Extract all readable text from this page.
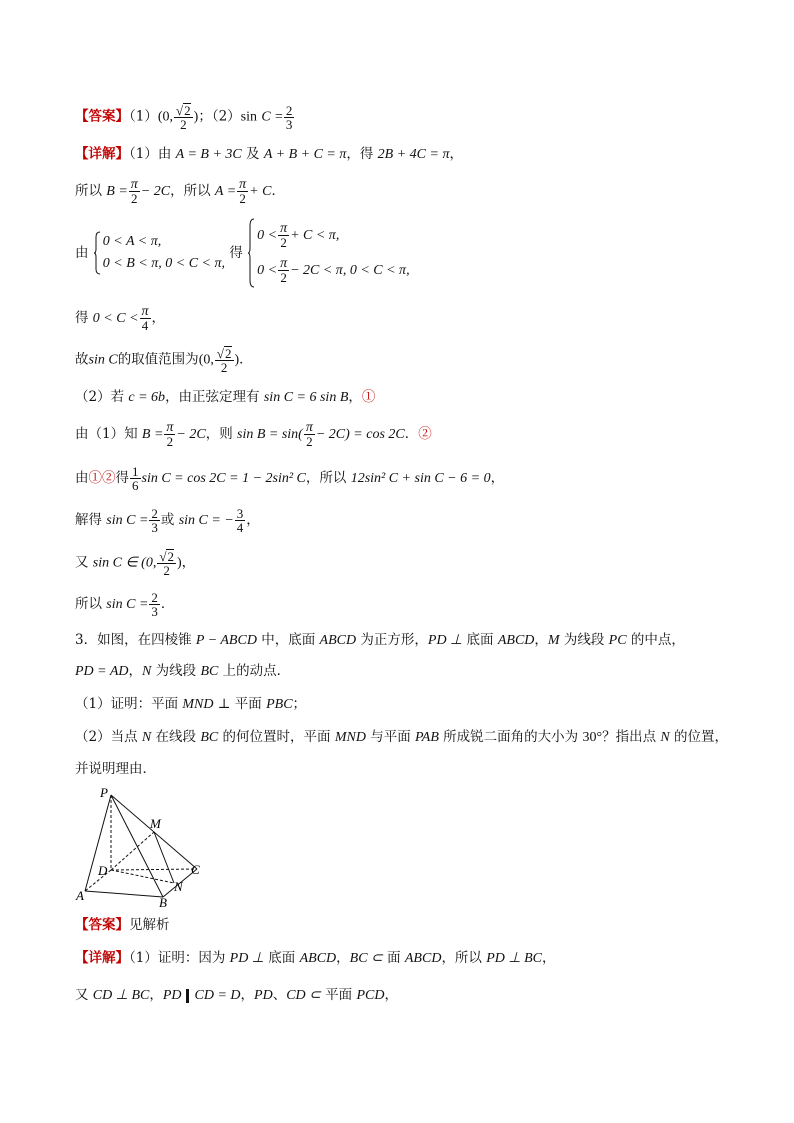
【答案】（1）(0, $\frac{√2}{2}$ )；（2）sin $C = \frac{2}{3}$
【详解】（1）由 A = B + 3C 及 A + B + C = π，得 2B + 4C = π，
所以 $B = \frac{\pi}{2} - 2C$，所以 $A = \frac{\pi}{2} + C$．
由
0 < A < π,
0 < B < π, 0 < C < π,
得
$0 < \frac{\pi}{2} + C < \pi$,
$0 < \frac{\pi}{2} - 2C < \pi$, 0 < C < π,
得 $0 < C < \frac{\pi}{4}$ ，
故sin C的取值范围为(0, $\frac{√2}{2}$ )．
（2）若 c = 6b，由正弦定理有 sin C = 6 sin B，①
由（1）知 $B = \frac{\pi}{2} - 2C$，则 $\sin B = \sin( \frac{\pi}{2} - 2C) = \cos 2C$．②
由①②得 $\frac{1}{6}$ sin C = cos 2C = 1 − 2sin² C，所以 12sin² C + sin C − 6 = 0，
解得 $\sin C = \frac{2}{3}$ 或 sin C = − $\frac{3}{4}$ ，
又 sin C ∈ (0, $\frac{√2}{2}$ )，
所以 $\sin C = \frac{2}{3}$ ．
3．如图，在四棱锥 P − ABCD 中，底面 ABCD 为正方形，PD ⊥ 底面 ABCD，M 为线段 PC 的中点，
PD = AD，N 为线段 BC 上的动点．
（1）证明：平面 MND ⊥ 平面 PBC；
（2）当点 N 在线段 BC 的何位置时，平面 MND 与平面 PAB 所成锐二面角的大小为 30°？指出点 N 的位置，
并说明理由．
P
M
D	C
N
A	B
【答案】见解析
【详解】（1）证明：因为 PD ⊥ 底面 ABCD，BC ⊂ 面 ABCD，所以 PD ⊥ BC，
又 CD ⊥ BC，PD CD = D，PD、CD ⊂ 平面 PCD，
